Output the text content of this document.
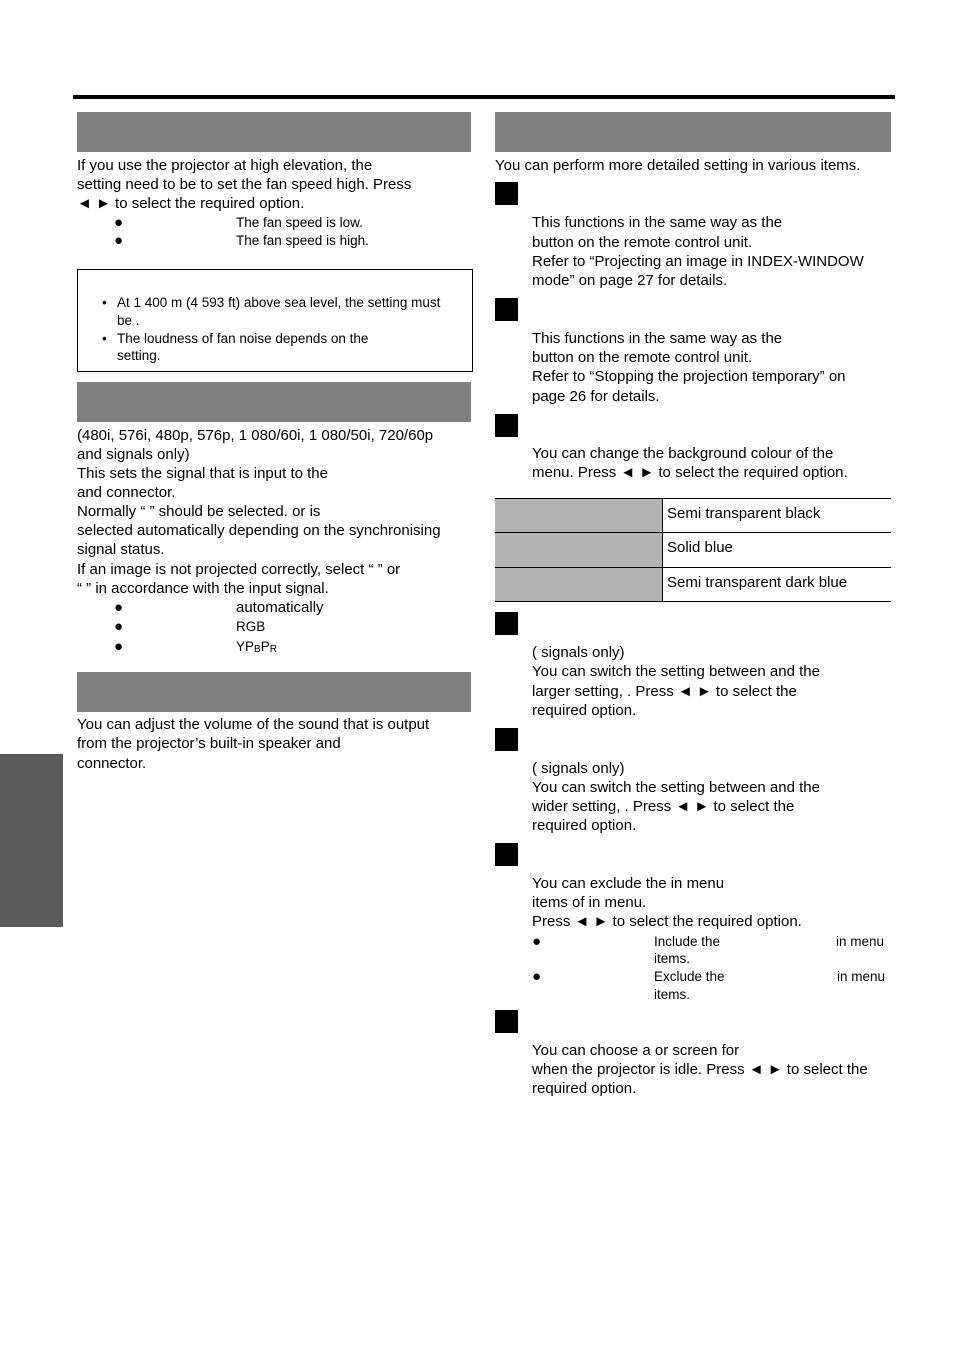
If you use the projector at high elevation, the
setting need to be to set the fan speed high. Press
◄ ► to select the required option.
●	The fan speed is low.
●	The fan speed is high.
• At 1 400 m (4 593 ft) above sea level, the setting must
be .
• The loudness of fan noise depends on the
setting.
(480i, 576i, 480p, 576p, 1 080/60i, 1 080/50i, 720/60p
and signals only)
This sets the signal that is input to the
and connector.
Normally “ ” should be selected. or is
selected automatically depending on the synchronising
signal status.
If an image is not projected correctly, select “ ” or
“ ” in accordance with the input signal.
●	automatically
●	RGB
●	YPBPR
You can adjust the volume of the sound that is output
from the projector’s built-in speaker and
connector.
You can perform more detailed setting in various items.
This functions in the same way as the
button on the remote control unit.
Refer to “Projecting an image in INDEX-WINDOW
mode” on page 27 for details.
This functions in the same way as the
button on the remote control unit.
Refer to “Stopping the projection temporary” on
page 26 for details.
You can change the background colour of the
menu. Press ◄ ► to select the required option.
Semi transparent black
Solid blue
Semi transparent dark blue
( signals only)
You can switch the setting between and the
larger setting, . Press ◄ ► to select the
required option.
( signals only)
You can switch the setting between and the
wider setting, . Press ◄ ► to select the
required option.
You can exclude the in menu
items of in menu.
Press ◄ ► to select the required option.
●	Include the	in menu
items.
●	Exclude the	in menu
items.
You can choose a or screen for
when the projector is idle. Press ◄ ► to select the
required option.
